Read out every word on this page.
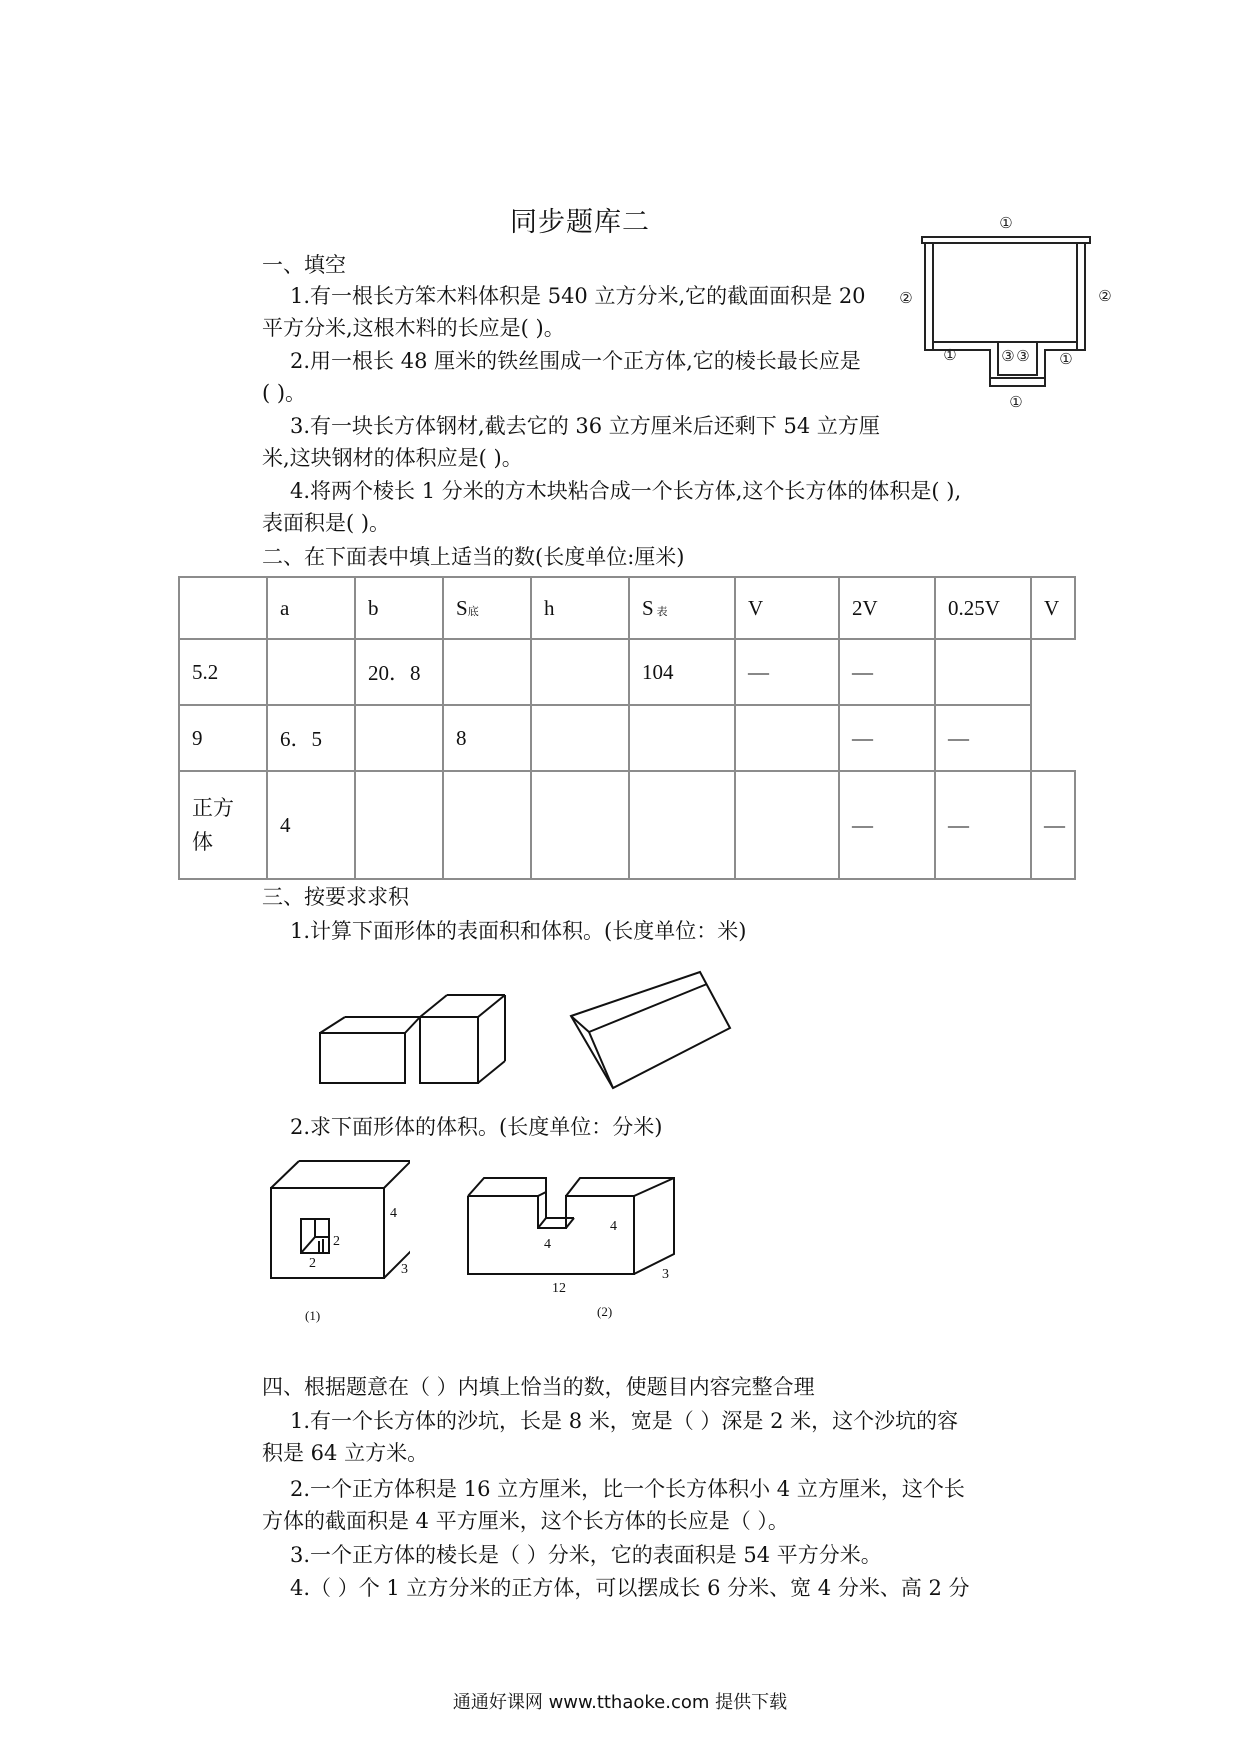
同步题库二
一、填空
1.有一根长方笨木料体积是 540 立方分米,它的截面面积是 20
平方分米,这根木料的长应是( )。
2.用一根长 48 厘米的铁丝围成一个正方体,它的棱长最长应是
( )。
3.有一块长方体钢材,截去它的 36 立方厘米后还剩下 54 立方厘
米,这块钢材的体积应是( )。
4.将两个棱长 1 分米的方木块粘合成一个长方体,这个长方体的体积是( ),
表面积是( )。
①
②	②
①	③ ③ ①
①
二、在下面表中填上适当的数(长度单位:厘米)
	a	b	S底	h	S 表	V	2V	0.25V	V
5.2		20．8			104	—	—		
9	6．5		8				—	—	

正方体	4						—	—	—
三、按要求求积
1.计算下面形体的表面积和体积。(长度单位：米)
2.求下面形体的体积。(长度单位：分米)
2
2
4
3
(1)
4
4
12
3
(2)
四、根据题意在（ ）内填上恰当的数，使题目内容完整合理
1.有一个长方体的沙坑，长是 8 米，宽是（ ）深是 2 米，这个沙坑的容
积是 64 立方米。
2.一个正方体积是 16 立方厘米，比一个长方体积小 4 立方厘米，这个长
方体的截面积是 4 平方厘米，这个长方体的长应是（ ）。
3.一个正方体的棱长是（ ）分米，它的表面积是 54 平方分米。
4.（ ）个 1 立方分米的正方体，可以摆成长 6 分米、宽 4 分米、高 2 分
通通好课网 www.tthaoke.com 提供下载
